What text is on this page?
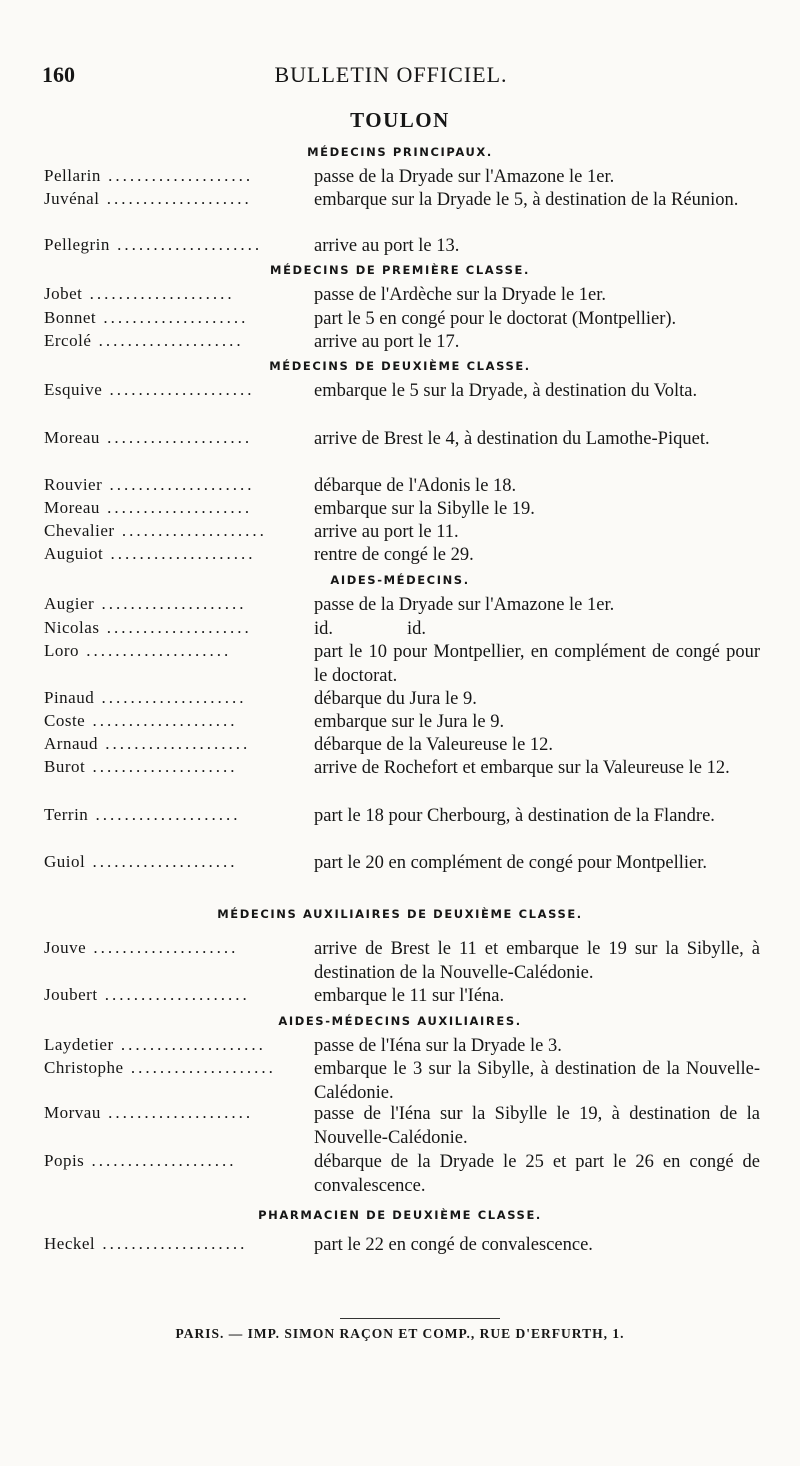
160	BULLETIN OFFICIEL.
TOULON
MÉDECINS PRINCIPAUX.
Pellarin ....................	passe de la Dryade sur l'Amazone le 1er.
Juvénal ....................	embarque sur la Dryade le 5, à destination de la Réunion.
Pellegrin ....................	arrive au port le 13.
MÉDECINS DE PREMIÈRE CLASSE.
Jobet ....................	passe de l'Ardèche sur la Dryade le 1er.
Bonnet ....................	part le 5 en congé pour le doctorat (Montpellier).
Ercolé ....................	arrive au port le 17.
MÉDECINS DE DEUXIÈME CLASSE.
Esquive ....................	embarque le 5 sur la Dryade, à destination du Volta.
Moreau ....................	arrive de Brest le 4, à destination du Lamothe-Piquet.
Rouvier ....................	débarque de l'Adonis le 18.
Moreau ....................	embarque sur la Sibylle le 19.
Chevalier ....................	arrive au port le 11.
Auguiot ....................	rentre de congé le 29.
AIDES-MÉDECINS.
Augier ....................	passe de la Dryade sur l'Amazone le 1er.
Nicolas ....................	id.                id.
Loro ....................	part le 10 pour Montpellier, en complément de congé pour le doctorat.
Pinaud ....................	débarque du Jura le 9.
Coste ....................	embarque sur le Jura le 9.
Arnaud ....................	débarque de la Valeureuse le 12.
Burot ....................	arrive de Rochefort et embarque sur la Valeureuse le 12.
Terrin ....................	part le 18 pour Cherbourg, à destination de la Flandre.
Guiol ....................	part le 20 en complément de congé pour Montpellier.
MÉDECINS AUXILIAIRES DE DEUXIÈME CLASSE.
Jouve ....................	arrive de Brest le 11 et embarque le 19 sur la Sibylle, à destination de la Nouvelle-Calédonie.
Joubert ....................	embarque le 11 sur l'Iéna.
AIDES-MÉDECINS AUXILIAIRES.
Laydetier ....................	passe de l'Iéna sur la Dryade le 3.
Christophe ....................	embarque le 3 sur la Sibylle, à destination de la Nouvelle-Calédonie.
Morvau ....................	passe de l'Iéna sur la Sibylle le 19, à destination de la Nouvelle-Calédonie.
Popis ....................	débarque de la Dryade le 25 et part le 26 en congé de convalescence.
PHARMACIEN DE DEUXIÈME CLASSE.
Heckel ....................	part le 22 en congé de convalescence.
PARIS. — IMP. SIMON RAÇON ET COMP., RUE D'ERFURTH, 1.
